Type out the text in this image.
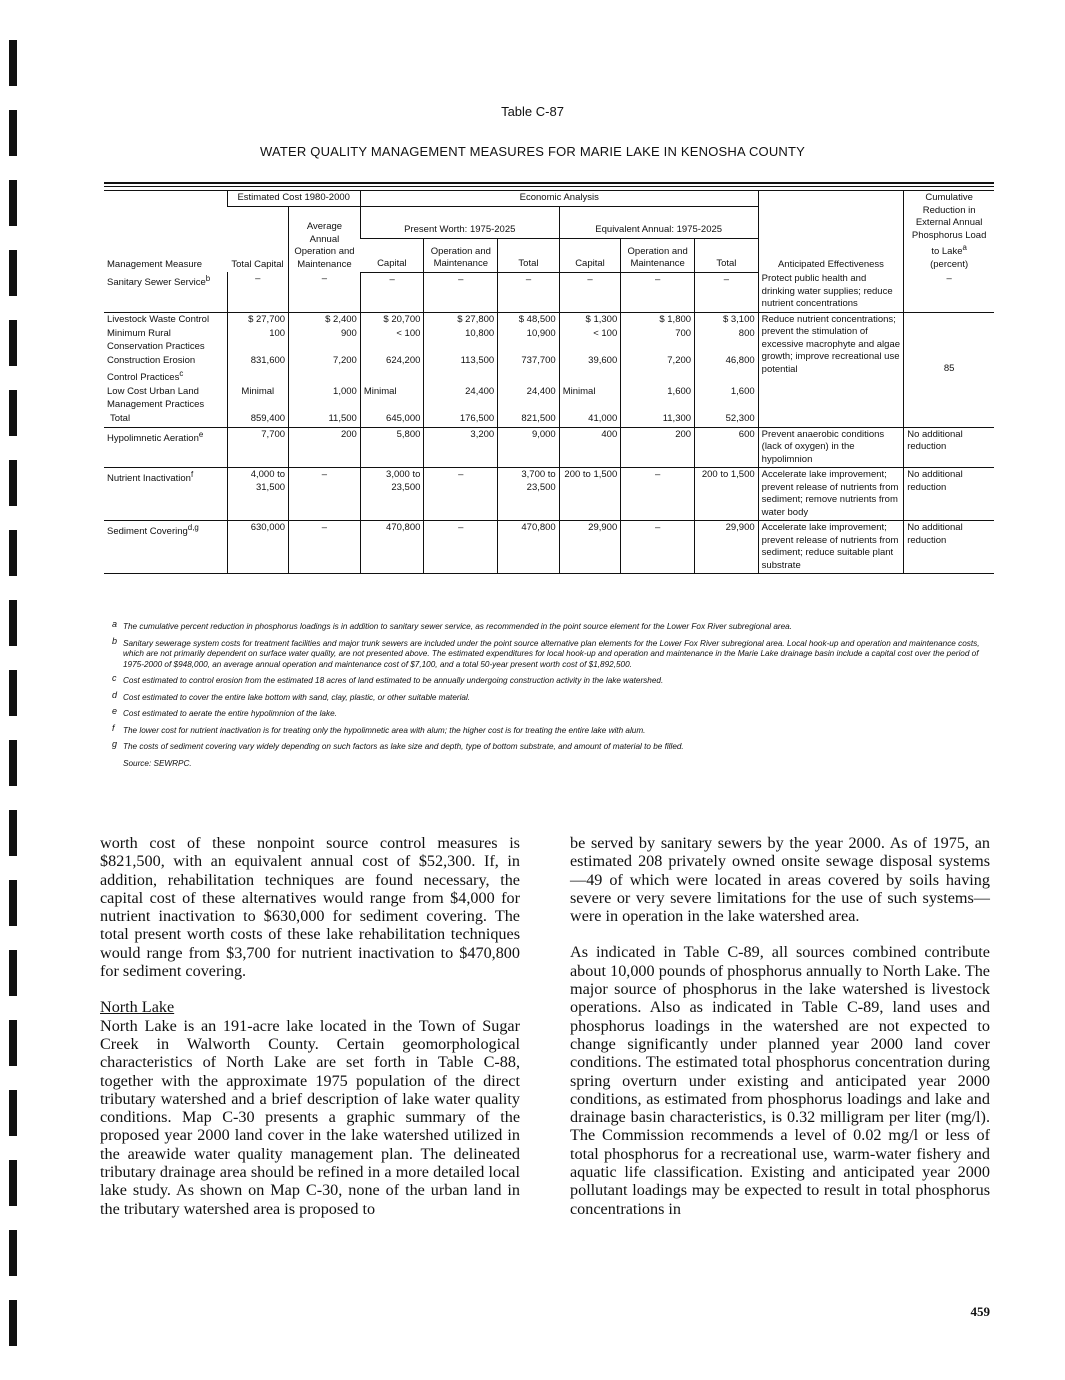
Table C-87
WATER QUALITY MANAGEMENT MEASURES FOR MARIE LAKE IN KENOSHA COUNTY
Management Measure	Estimated Cost 1980-2000		Economic Analysis						Anticipated Effectiveness	Cumulative Reduction in External Annual Phosphorus Load to Lake$^a$
(percent)
	Total Capital	Average Annual Operation and Maintenance	Present Worth: 1975-2025			Equivalent Annual: 1975-2025				
			Capital	Operation and Maintenance	Total	Capital	Operation and Maintenance	Total		
Sanitary Sewer Service$^b$	–	–	–	–	–	–	–	–	Protect public health and drinking water supplies; reduce nutrient concentrations	–
Livestock Waste Control	$ 27,700	$ 2,400	$ 20,700	$ 27,800	$ 48,500	$ 1,300	$ 1,800	$ 3,100	Reduce nutrient concentrations; prevent the stimulation of excessive macrophyte and algae growth; improve recreational use potential	85
Minimum Rural Conservation Practices	100	900	< 100	10,800	10,900	< 100	700	800		
Construction Erosion Control Practices$^c$	831,600	7,200	624,200	113,500	737,700	39,600	7,200	46,800		
Low Cost Urban Land Management Practices	Minimal	1,000	Minimal	24,400	24,400	Minimal	1,600	1,600		
Total	859,400	11,500	645,000	176,500	821,500	41,000	11,300	52,300		
Hypolimnetic Aeration$^e$	7,700	200	5,800	3,200	9,000	400	200	600	Prevent anaerobic conditions (lack of oxygen) in the hypolimnion	No additional reduction
Nutrient Inactivation$^f$	4,000 to 31,500	–	3,000 to 23,500	–	3,700 to 23,500	200 to 1,500	–	200 to 1,500	Accelerate lake improvement; prevent release of nutrients from sediment; remove nutrients from water body	No additional reduction
Sediment Covering$^{d,g}$	630,000	–	470,800	–	470,800	29,900	–	29,900	Accelerate lake improvement; prevent release of nutrients from sediment; reduce suitable plant substrate	No additional reduction
a The cumulative percent reduction in phosphorus loadings is in addition to sanitary sewer service, as recommended in the point source element for the Lower Fox River subregional area.
b Sanitary sewerage system costs for treatment facilities and major trunk sewers are included under the point source alternative plan elements for the Lower Fox River subregional area. Local hook-up and operation and maintenance costs, which are not primarily dependent on surface water quality, are not presented above. The estimated expenditures for local hook-up and operation and maintenance in the Marie Lake drainage basin include a capital cost over the period of 1975-2000 of $948,000, an average annual operation and maintenance cost of $7,100, and a total 50-year present worth cost of $1,892,500.
c Cost estimated to control erosion from the estimated 18 acres of land estimated to be annually undergoing construction activity in the lake watershed.
d Cost estimated to cover the entire lake bottom with sand, clay, plastic, or other suitable material.
e Cost estimated to aerate the entire hypolimnion of the lake.
f	The lower cost for nutrient inactivation is for treating only the hypolimnetic area with alum; the higher cost is for treating the entire lake with alum.
g The costs of sediment covering vary widely depending on such factors as lake size and depth, type of bottom substrate, and amount of material to be filled.
Source: SEWRPC.

worth cost of these nonpoint source control measures is $821,500, with an equivalent annual cost of $52,300. If, in addition, rehabilitation techniques are found necessary, the capital cost of these alternatives would range from $4,000 for nutrient inactivation to $630,000 for sediment covering. The total present worth costs of these lake rehabilitation techniques would range from $3,700 for nutrient inactivation to $470,800 for sediment covering.

North Lake

North Lake is an 191-acre lake located in the Town of Sugar Creek in Walworth County. Certain geomorphological characteristics of North Lake are set forth in Table C-88, together with the approximate 1975 population of the direct tributary watershed and a brief description of lake water quality conditions. Map C-30 presents a graphic summary of the proposed year 2000 land cover in the lake watershed utilized in the areawide water quality management plan. The delineated tributary drainage area should be refined in a more detailed local lake study. As shown on Map C-30, none of the urban land in the tributary watershed area is proposed to

be served by sanitary sewers by the year 2000. As of 1975, an estimated 208 privately owned onsite sewage disposal systems—49 of which were located in areas covered by soils having severe or very severe limitations for the use of such systems—were in operation in the lake watershed area.

As indicated in Table C-89, all sources combined contribute about 10,000 pounds of phosphorus annually to North Lake. The major source of phosphorus in the lake watershed is livestock operations. Also as indicated in Table C-89, land uses and phosphorus loadings in the watershed are not expected to change significantly under planned year 2000 land cover conditions. The estimated total phosphorus concentration during spring overturn under existing and anticipated year 2000 conditions, as estimated from phosphorus loadings and lake and drainage basin characteristics, is 0.32 milligram per liter (mg/l). The Commission recommends a level of 0.02 mg/l or less of total phosphorus for a recreational use, warm-water fishery and aquatic life classification. Existing and anticipated year 2000 pollutant loadings may be expected to result in total phosphorus concentrations in

459
